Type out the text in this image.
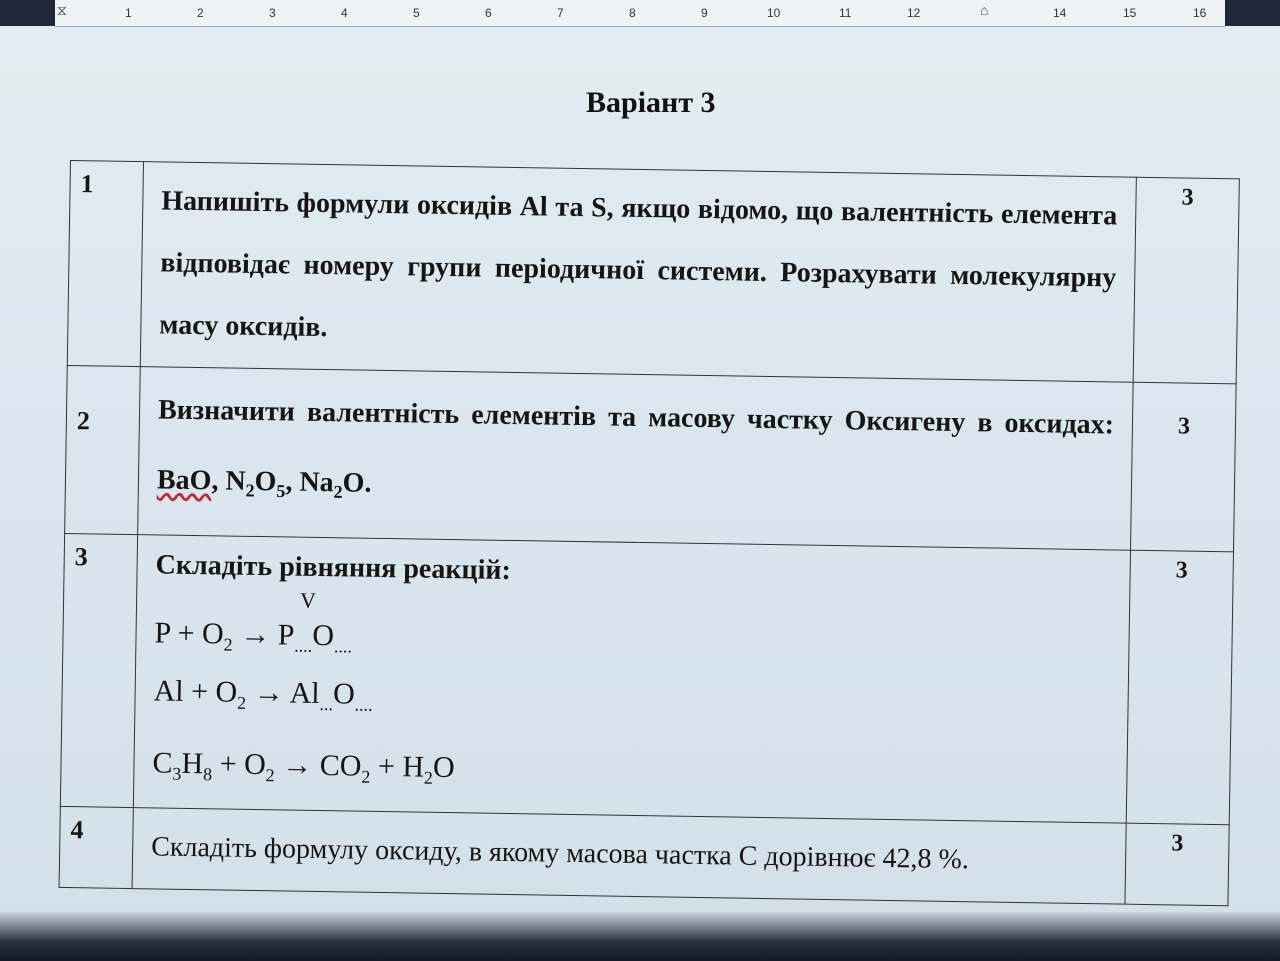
⧖	1	2	3	4	5	6	7	8	9	10	11	12	⌂	14	15	16
Варіант 3
1	Напишіть формули оксидів Al та S, якщо відомо, що валентність елемента відповідає номеру групи періодичної системи. Розрахувати молекулярну масу оксидів.	3
2	Визначити валентність елементів та масову частку Оксигену в оксидах: BaO, $N_2O_5$, $Na_2O$.	3
3	Складіть рівняння реакцій:
V
$P + O_2 \to P_{....}O_{....}$
$Al + O_2 \to Al_{...}O_{....}$
$C_3H_8 + O_2 \to CO_2 + H_2O$	3
4	Складіть формулу оксиду, в якому масова частка С дорівнює 42,8 %.	3
